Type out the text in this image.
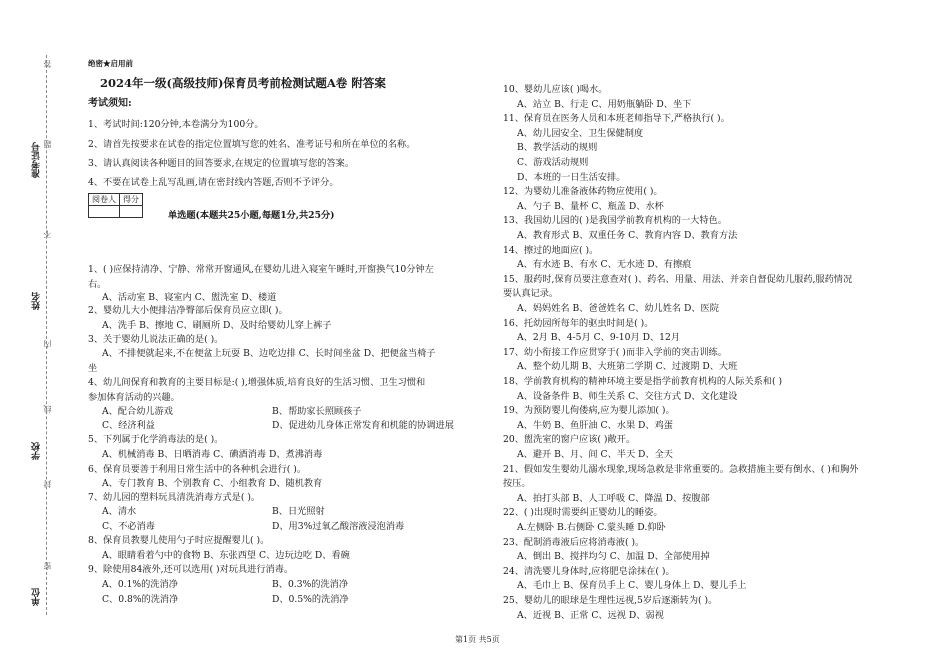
准考证号
姓名
学校
单位
答
题
不
内
线
封
密
绝密★启用前
2024年一级(高级技师)保育员考前检测试题A卷 附答案
考试须知:
1、考试时间:120分钟,本卷满分为100分。
2、请首先按要求在试卷的指定位置填写您的姓名、准考证号和所在单位的名称。
3、请认真阅读各种题目的回答要求,在规定的位置填写您的答案。
4、不要在试卷上乱写乱画,请在密封线内答题,否则不予评分。
阅卷人	得分

单选题(本题共25小题,每题1分,共25分)
1、( )应保持清净、宁静、常常开窗通风,在婴幼儿进入寝室午睡时,开窗换气10分钟左
右。
A、活动室 B、寝室内 C、盥洗室 D、楼道
2、婴幼儿大小便排洁净臀部后保育员应立即( )。
A、洗手 B、擦地 C、刷厕所 D、及时给婴幼儿穿上裤子
3、关于婴幼儿说法正确的是( )。
A、不排便就起来,不在便盆上玩耍 B、边吃边排 C、长时间坐盆 D、把便盆当椅子
坐
4、幼儿间保育和教育的主要目标是:( ),增强体质,培育良好的生活习惯、卫生习惯和
参加体育活动的兴趣。
A、配合幼儿游戏	B、帮助家长照顾孩子
C、经济利益	D、促进幼儿身体正常发育和机能的协调进展
5、下列属于化学消毒法的是( )。
A、机械消毒 B、日晒消毒 C、碘酒消毒 D、煮沸消毒
6、保育员要善于利用日常生活中的各种机会进行( )。
A、专门教育 B、个别教育 C、小组教育 D、随机教育
7、幼儿园的塑料玩具清洗消毒方式是( )。
A、清水	B、日光照射
C、不必消毒	D、用3%过氧乙酸溶液浸泡消毒
8、保育员教婴儿使用勺子时应提醒婴儿( )。
A、眼睛看着勺中的食物 B、东张西望 C、边玩边吃 D、看碗
9、除使用84液外,还可以选用( )对玩具进行消毒。
A、0.1%的洗消净	B、0.3%的洗消净
C、0.8%的洗消净	D、0.5%的洗消净
10、婴幼儿应该( )喝水。
A、站立 B、行走 C、用奶瓶躺卧 D、坐下
11、保育员在医务人员和本班老师指导下,严格执行( )。
A、幼儿园安全、卫生保健制度
B、教学活动的规则
C、游戏活动规则
D、本班的一日生活安排。
12、为婴幼儿准备液体药物应使用( )。
A、勺子 B、量杯 C、瓶盖 D、水杯
13、我国幼儿园的( )是我国学前教育机构的一大特色。
A、教育形式 B、双重任务 C、教育内容 D、教育方法
14、擦过的地面应( )。
A、有水迹 B、有水 C、无水迹 D、有擦痕
15、服药时,保育员要注意查对( )、药名、用量、用法、并亲自督促幼儿服药,服药情况
要认真记录。
A、妈妈姓名 B、爸爸姓名 C、幼儿姓名 D、医院
16、托幼园所每年的驱虫时间是( )。
A、2月 B、4-5月 C、9-10月 D、12月
17、幼小衔接工作应贯穿于( )而非入学前的突击训练。
A、整个幼儿期 B、大班第二学期 C、过渡期 D、大班
18、学前教育机构的精神环境主要是指学前教育机构的人际关系和( )
A、设备条件 B、师生关系 C、交往方式 D、文化建设
19、为预防婴儿佝偻病,应为婴儿添加( )。
A、牛奶 B、鱼肝油 C、水果 D、鸡蛋
20、盥洗室的窗户应该( )敞开。
A、避开 B、月、间 C、半天 D、全天
21、假如发生婴幼儿溺水现象,现场急救是非常重要的。急救措施主要有倒水、( )和胸外
按压。
A、拍打头部 B、人工呼吸 C、降温 D、按腹部
22、( )出现时需要纠正婴幼儿的睡姿。
A.左侧卧 B.右侧卧 C.蒙头睡 D.仰卧
23、配制消毒液后应将消毒液( )。
A、倒出 B、搅拌均匀 C、加温 D、全部使用掉
24、清洗婴儿身体时,应将肥皂涂抹在( )。
A、毛巾上 B、保育员手上 C、婴儿身体上 D、婴儿手上
25、婴幼儿的眼球是生理性远视,5岁后逐渐转为( )。
A、近视 B、正常 C、远视 D、弱视
第1页 共5页
